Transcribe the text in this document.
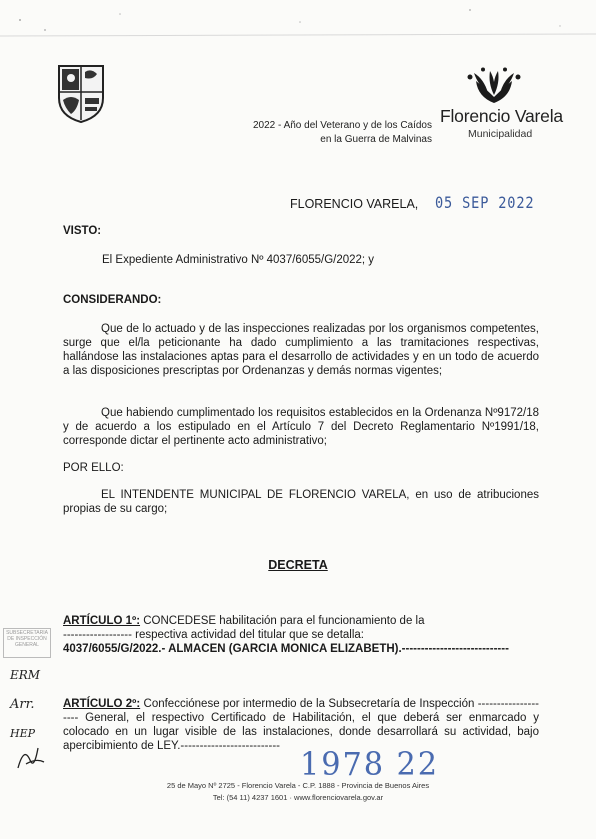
Florencio Varela
Municipalidad
2022 - Año del Veterano y de los Caídos
en la Guerra de Malvinas
FLORENCIO VARELA, 05 SEP 2022
VISTO:
El Expediente Administrativo Nº 4037/6055/G/2022; y
CONSIDERANDO:
Que de lo actuado y de las inspecciones realizadas por los organismos competentes, surge que el/la peticionante ha dado cumplimiento a las tramitaciones respectivas, hallándose las instalaciones aptas para el desarrollo de actividades y en un todo de acuerdo a las disposiciones prescriptas por Ordenanzas y demás normas vigentes;
Que habiendo cumplimentado los requisitos establecidos en la Ordenanza Nº9172/18 y de acuerdo a los estipulado en el Artículo 7 del Decreto Reglamentario Nº1991/18, corresponde dictar el pertinente acto administrativo;
POR ELLO:
EL INTENDENTE MUNICIPAL DE FLORENCIO VARELA, en uso de atribuciones propias de su cargo;
DECRETA
ARTÍCULO 1º: CONCEDESE habilitación para el funcionamiento de la
------------------ respectiva actividad del titular que se detalla:
4037/6055/G/2022.- ALMACEN (GARCIA MONICA ELIZABETH).----------------------------
ARTÍCULO 2º: Confecciónese por intermedio de la Subsecretaría de Inspección -------------------- General, el respectivo Certificado de Habilitación, el que deberá ser enmarcado y colocado en un lugar visible de las instalaciones, donde desarrollará su actividad, bajo apercibimiento de LEY.-------------------------- 1978 22
SUBSECRETARIA DE INSPECCIÓN GENERAL
ERM
Arr.
HEP
25 de Mayo Nº 2725 - Florencio Varela - C.P. 1888 - Provincia de Buenos Aires
Tel: (54 11) 4237 1601 · www.florenciovarela.gov.ar
